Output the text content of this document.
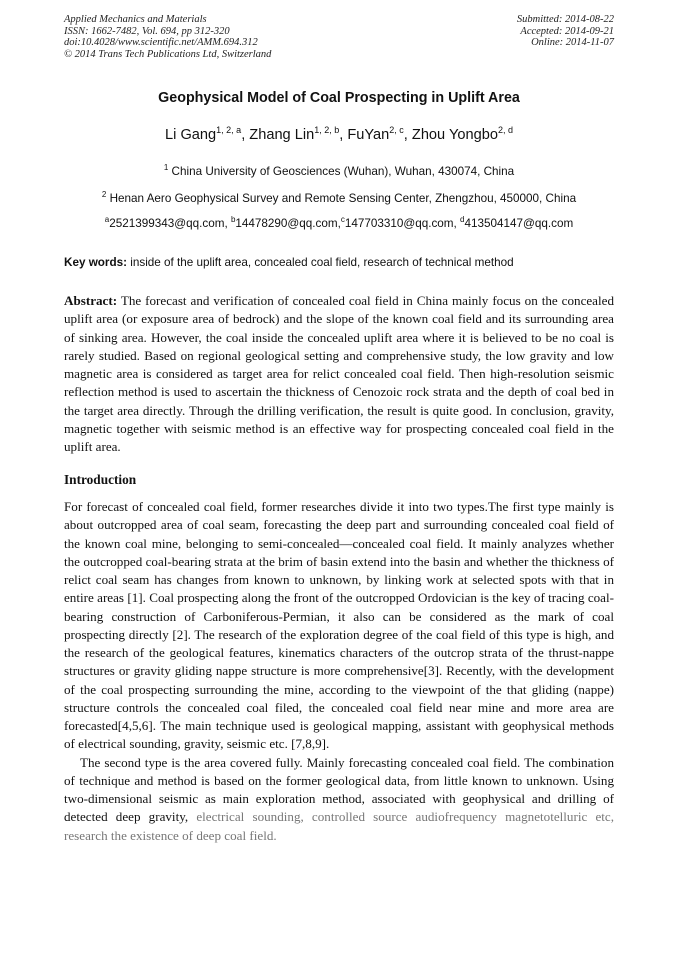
Applied Mechanics and Materials
ISSN: 1662-7482, Vol. 694, pp 312-320
doi:10.4028/www.scientific.net/AMM.694.312
© 2014 Trans Tech Publications Ltd, Switzerland
Submitted: 2014-08-22
Accepted: 2014-09-21
Online: 2014-11-07
Geophysical Model of Coal Prospecting in Uplift Area
Li Gang$^{1, 2, a}$, Zhang Lin$^{1, 2, b}$, FuYan$^{2, c}$, Zhou Yongbo$^{2, d}$
$^1$ China University of Geosciences (Wuhan), Wuhan, 430074, China
$^2$ Henan Aero Geophysical Survey and Remote Sensing Center, Zhengzhou, 450000, China
$^a$2521399343@qq.com, $^b$14478290@qq.com,$^c$147703310@qq.com, $^d$413504147@qq.com
Key words: inside of the uplift area, concealed coal field, research of technical method

Abstract: The forecast and verification of concealed coal field in China mainly focus on the concealed uplift area (or exposure area of bedrock) and the slope of the known coal field and its surrounding area of sinking area. However, the coal inside the concealed uplift area where it is believed to be no coal is rarely studied. Based on regional geological setting and comprehensive study, the low gravity and low magnetic area is considered as target area for relict concealed coal field. Then high-resolution seismic reflection method is used to ascertain the thickness of Cenozoic rock strata and the depth of coal bed in the target area directly. Through the drilling verification, the result is quite good. In conclusion, gravity, magnetic together with seismic method is an effective way for prospecting concealed coal field in the uplift area.

Introduction

For forecast of concealed coal field, former researches divide it into two types.The first type mainly is about outcropped area of coal seam, forecasting the deep part and surrounding concealed coal field of the known coal mine, belonging to semi-concealed—concealed coal field. It mainly analyzes whether the outcropped coal-bearing strata at the brim of basin extend into the basin and whether the thickness of relict coal seam has changes from known to unknown, by linking work at selected spots with that in entire areas [1]. Coal prospecting along the front of the outcropped Ordovician is the key of tracing coal-bearing construction of Carboniferous-Permian, it also can be considered as the mark of coal prospecting directly [2]. The research of the exploration degree of the coal field of this type is high, and the research of the geological features, kinematics characters of the outcrop strata of the thrust-nappe structures or gravity gliding nappe structure is more comprehensive[3]. Recently, with the development of the coal prospecting surrounding the mine, according to the viewpoint of the that gliding (nappe) structure controls the concealed coal filed, the concealed coal field near mine and more area are forecasted[4,5,6]. The main technique used is geological mapping, assistant with geophysical methods of electrical sounding, gravity, seismic etc. [7,8,9].

The second type is the area covered fully. Mainly forecasting concealed coal field. The combination of technique and method is based on the former geological data, from little known to unknown. Using two-dimensional seismic as main exploration method, associated with geophysical and drilling of detected deep gravity, electrical sounding, controlled source audiofrequency magnetotelluric etc, research the existence of deep coal field.
